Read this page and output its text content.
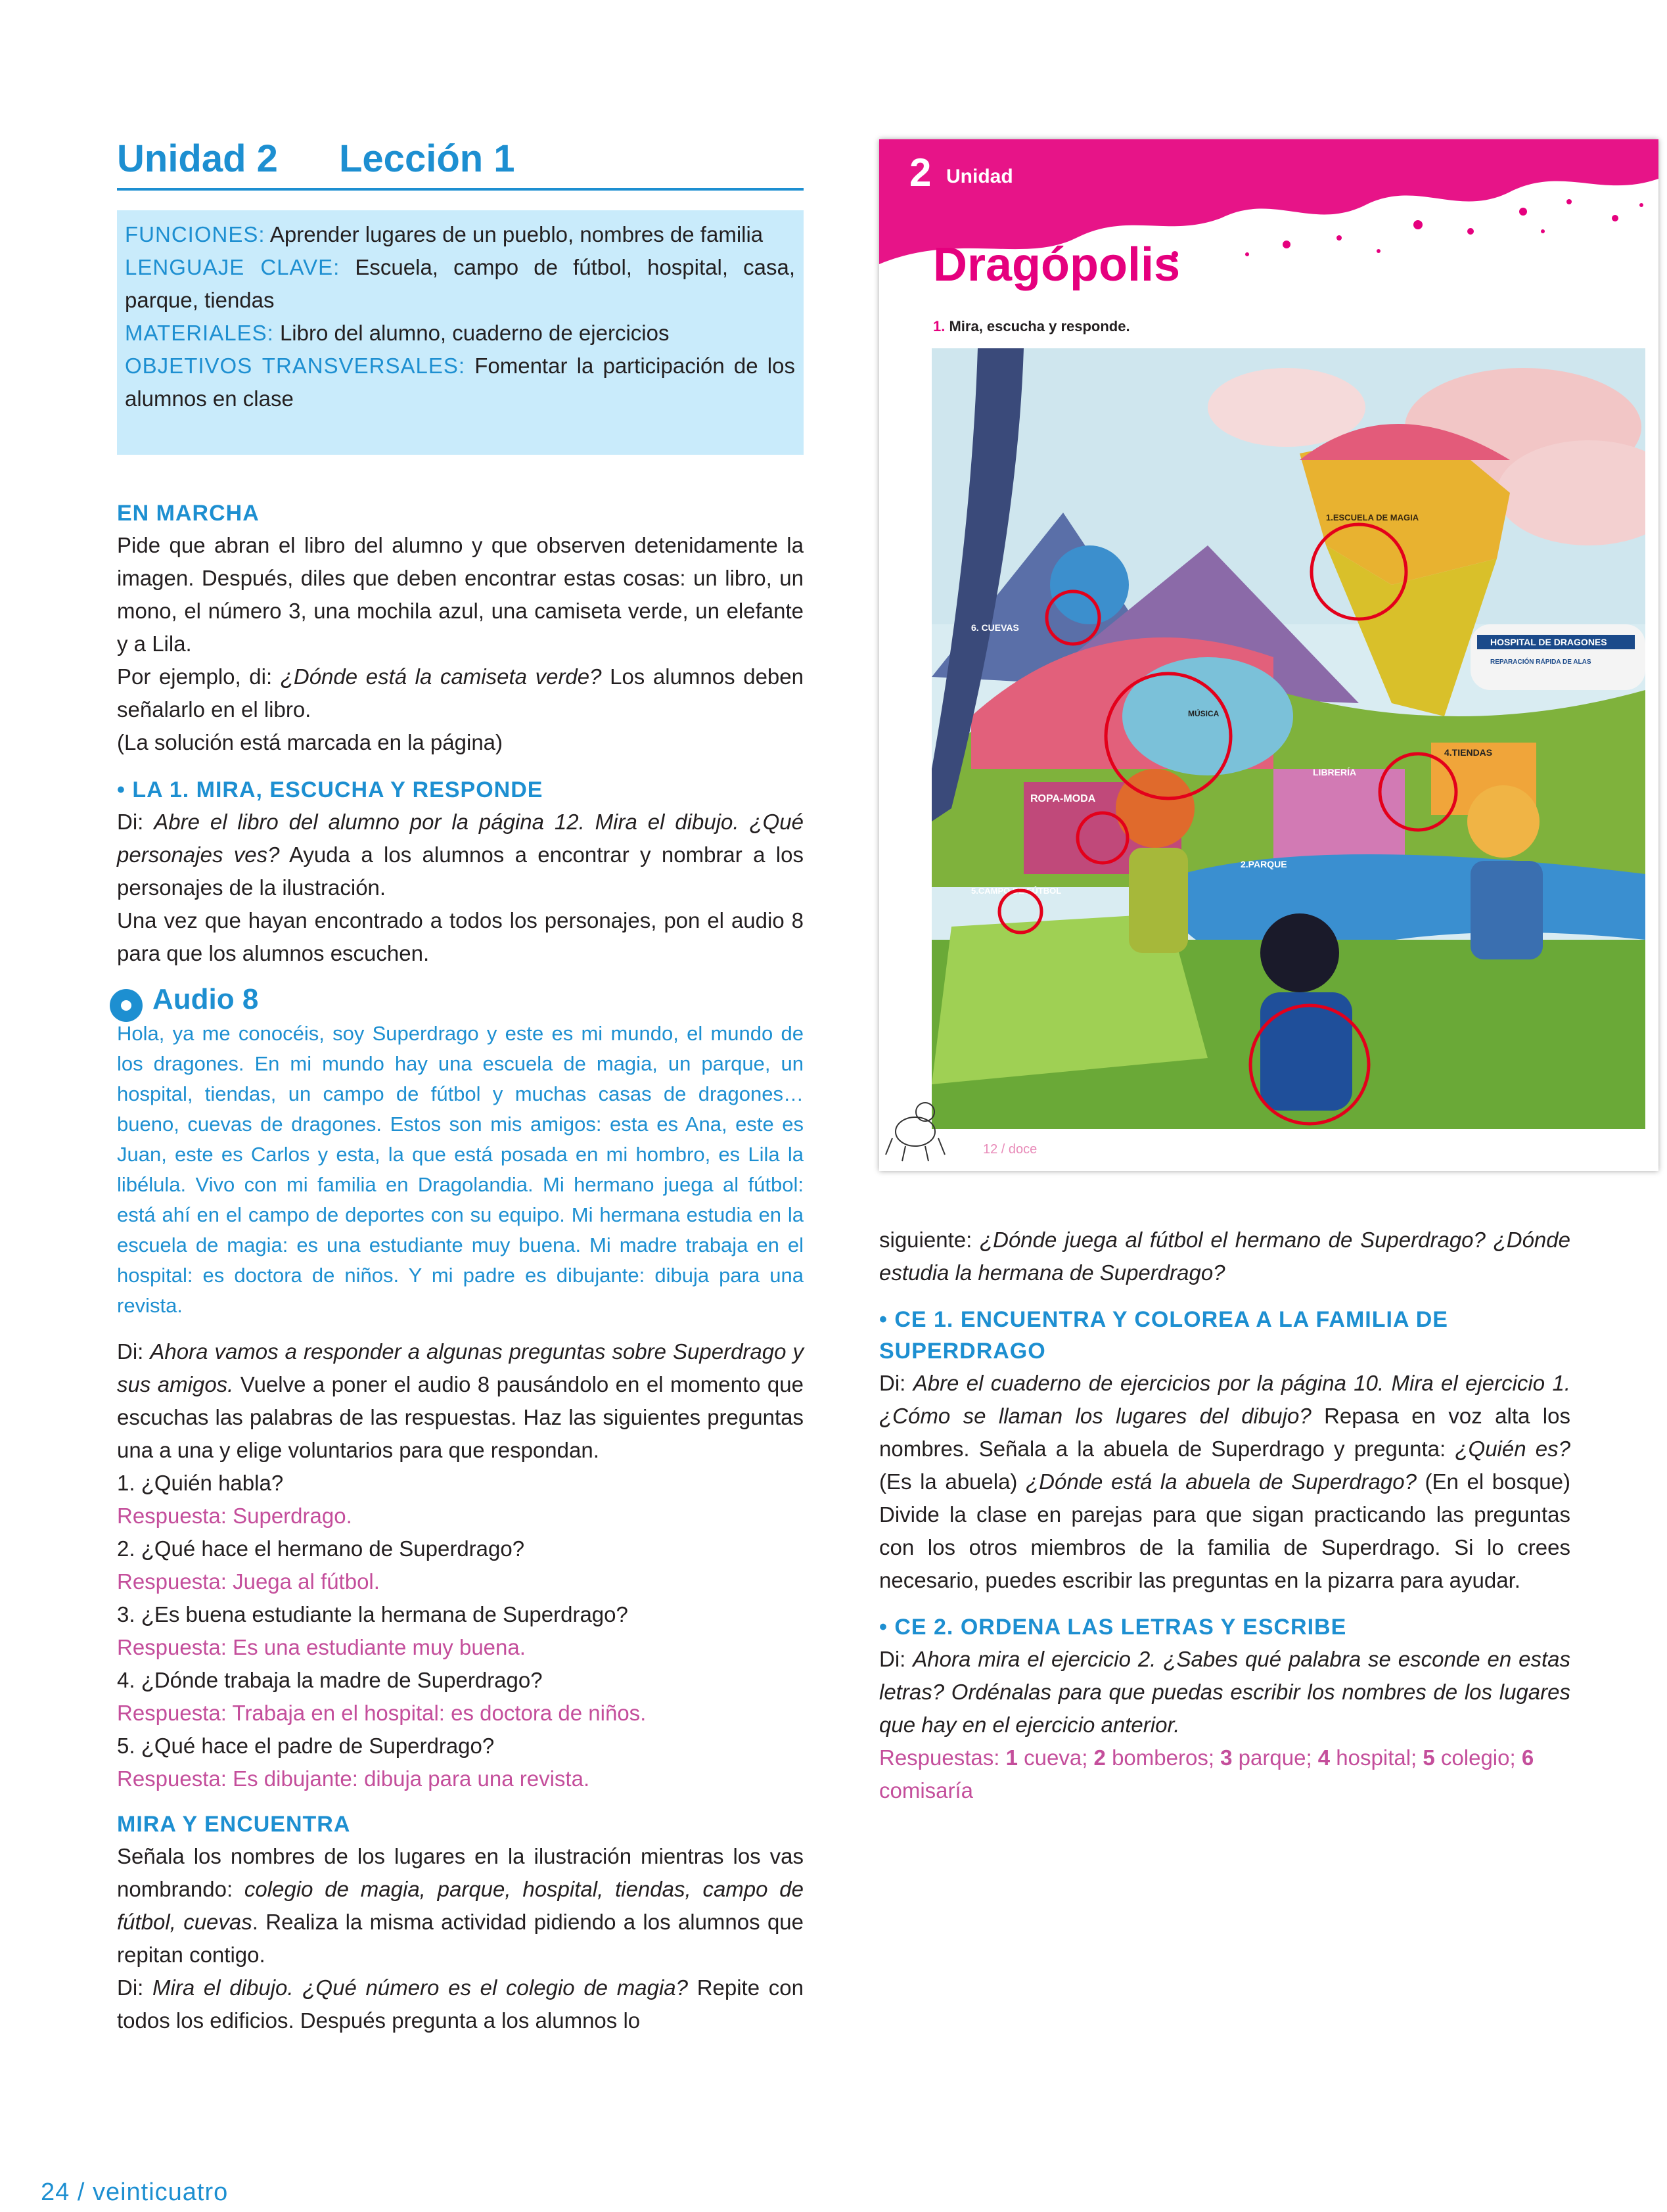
Unidad 2 Lección 1

FUNCIONES: Aprender lugares de un pueblo, nombres de familia

LENGUAJE CLAVE: Escuela, campo de fútbol, hospital, casa, parque, tiendas

MATERIALES: Libro del alumno, cuaderno de ejercicios

OBJETIVOS TRANSVERSALES: Fomentar la participación de los alumnos en clase

EN MARCHA

Pide que abran el libro del alumno y que observen detenidamente la imagen. Después, diles que deben encontrar estas cosas: un libro, un mono, el número 3, una mochila azul, una camiseta verde, un elefante y a Lila.

Por ejemplo, di: ¿Dónde está la camiseta verde? Los alumnos deben señalarlo en el libro.

(La solución está marcada en la página)

• LA 1. MIRA, ESCUCHA Y RESPONDE

Di: Abre el libro del alumno por la página 12. Mira el dibujo. ¿Qué personajes ves? Ayuda a los alumnos a encontrar y nombrar a los personajes de la ilustración.

Una vez que hayan encontrado a todos los personajes, pon el audio 8 para que los alumnos escuchen.

Audio 8

Hola, ya me conocéis, soy Superdrago y este es mi mundo, el mundo de los dragones. En mi mundo hay una escuela de magia, un parque, un hospital, tiendas, un campo de fútbol y muchas casas de dragones… bueno, cuevas de dragones. Estos son mis amigos: esta es Ana, este es Juan, este es Carlos y esta, la que está posada en mi hombro, es Lila la libélula. Vivo con mi familia en Dragolandia. Mi hermano juega al fútbol: está ahí en el campo de deportes con su equipo. Mi hermana estudia en la escuela de magia: es una estudiante muy buena. Mi madre trabaja en el hospital: es doctora de niños. Y mi padre es dibujante: dibuja para una revista.

Di: Ahora vamos a responder a algunas preguntas sobre Superdrago y sus amigos. Vuelve a poner el audio 8 pausándolo en el momento que escuchas las palabras de las respuestas. Haz las siguientes preguntas una a una y elige voluntarios para que respondan.

1. ¿Quién habla?

Respuesta: Superdrago.

2. ¿Qué hace el hermano de Superdrago?

Respuesta: Juega al fútbol.

3. ¿Es buena estudiante la hermana de Superdrago?

Respuesta: Es una estudiante muy buena.

4. ¿Dónde trabaja la madre de Superdrago?

Respuesta: Trabaja en el hospital: es doctora de niños.

5. ¿Qué hace el padre de Superdrago?

Respuesta: Es dibujante: dibuja para una revista.

MIRA Y ENCUENTRA

Señala los nombres de los lugares en la ilustración mientras los vas nombrando: colegio de magia, parque, hospital, tiendas, campo de fútbol, cuevas. Realiza la misma actividad pidiendo a los alumnos que repitan contigo.

Di: Mira el dibujo. ¿Qué número es el colegio de magia? Repite con todos los edificios. Después pregunta a los alumnos lo

siguiente: ¿Dónde juega al fútbol el hermano de Superdrago? ¿Dónde estudia la hermana de Superdrago?

• CE 1. ENCUENTRA Y COLOREA A LA FAMILIA DE SUPERDRAGO

Di: Abre el cuaderno de ejercicios por la página 10. Mira el ejercicio 1. ¿Cómo se llaman los lugares del dibujo? Repasa en voz alta los nombres. Señala a la abuela de Superdrago y pregunta: ¿Quién es? (Es la abuela) ¿Dónde está la abuela de Superdrago? (En el bosque) Divide la clase en parejas para que sigan practicando las preguntas con los otros miembros de la familia de Superdrago. Si lo crees necesario, puedes escribir las preguntas en la pizarra para ayudar.

• CE 2. ORDENA LAS LETRAS Y ESCRIBE

Di: Ahora mira el ejercicio 2. ¿Sabes qué palabra se esconde en estas letras? Ordénalas para que puedas escribir los nombres de los lugares que hay en el ejercicio anterior.

Respuestas: 1 cueva; 2 bomberos; 3 parque; 4 hospital; 5 colegio; 6 comisaría

2 Unidad
Dragópolis
1. Mira, escucha y responde.
1.ESCUELA DE MAGIA
HOSPITAL DE DRAGONES
REPARACIÓN RÁPIDA DE ALAS
6. CUEVAS
MÚSICA
ROPA-MODA
LIBRERÍA
4.TIENDAS
2.PARQUE
5.CAMPO DE FÚTBOL
12 / doce
24 / veinticuatro
